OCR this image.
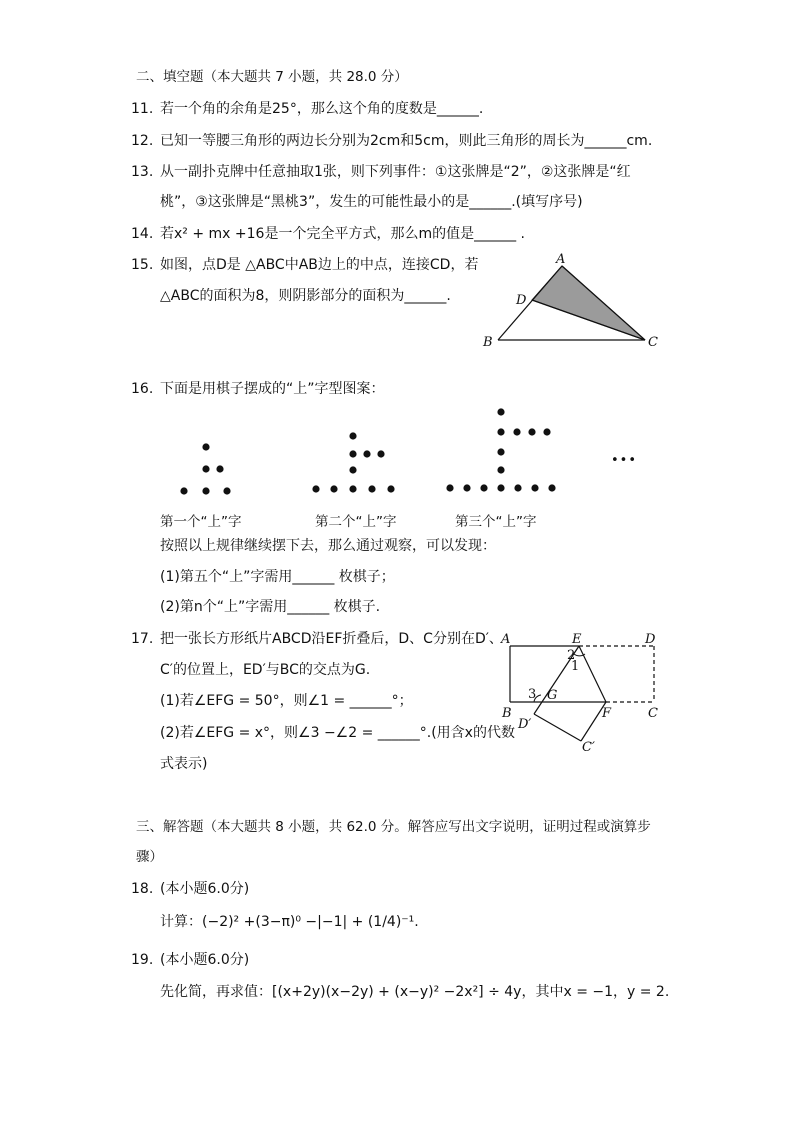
二、填空题（本大题共 7 小题，共 28.0 分）
11. 若一个角的余角是25°，那么这个角的度数是______.
12. 已知一等腰三角形的两边长分别为2cm和5cm，则此三角形的周长为______cm.
13. 从一副扑克牌中任意抽取1张，则下列事件：①这张牌是“2”，②这张牌是“红
桃”，③这张牌是“黑桃3”，发生的可能性最小的是______.(填写序号)
14. 若x² + mx +16是一个完全平方式，那么m的值是______ .
15. 如图，点D是 △ABC中AB边上的中点，连接CD，若
△ABC的面积为8，则阴影部分的面积为______.
A
D
B	C
16. 下面是用棋子摆成的“上”字型图案：
•••
第一个“上”字	第二个“上”字	第三个“上”字
按照以上规律继续摆下去，那么通过观察，可以发现：
(1)第五个“上”字需用______ 枚棋子；
(2)第n个“上”字需用______ 枚棋子.
17. 把一张长方形纸片ABCD沿EF折叠后，D、C分别在D′、
C′的位置上，ED′与BC的交点为G.
(1)若∠EFG = 50°，则∠1 = ______°；
(2)若∠EFG = x°，则∠3 −∠2 = ______°.(用含x的代数
式表示)
A	E	D
2
1
3 G
B	F	C
D′
C′
三、解答题（本大题共 8 小题，共 62.0 分。解答应写出文字说明，证明过程或演算步
骤）
18. (本小题6.0分)
计算：(−2)² +(3−π)⁰ −|−1| + (1/4)⁻¹.
19. (本小题6.0分)
先化简，再求值：[(x+2y)(x−2y) + (x−y)² −2x²] ÷ 4y，其中x = −1，y = 2.
